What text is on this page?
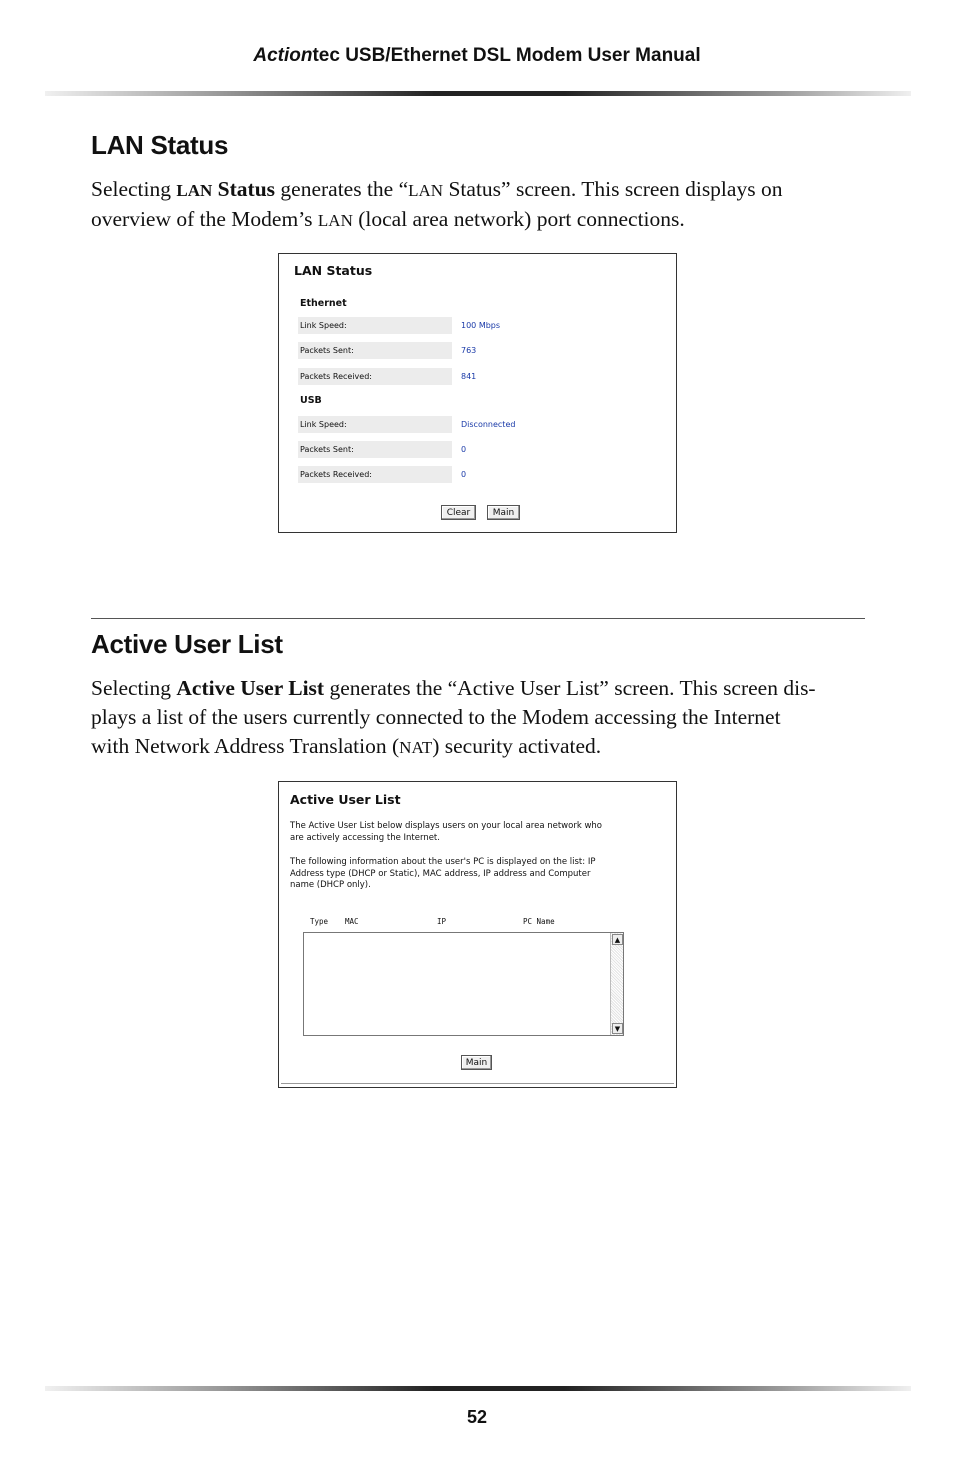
Actiontec USB/Ethernet DSL Modem User Manual
LAN Status

Selecting LAN Status generates the “LAN Status” screen. This screen displays on
overview of the Modem’s LAN (local area network) port connections.

LAN Status
Ethernet
Link Speed:	100 Mbps
Packets Sent:	763
Packets Received:	841
USB
Link Speed:	Disconnected
Packets Sent:	0
Packets Received:	0
Clear	Main
Active User List

Selecting Active User List generates the “Active User List” screen. This screen dis-
plays a list of the users currently connected to the Modem accessing the Internet
with Network Address Translation (NAT) security activated.

Active User List
The Active User List below displays users on your local area network who
are actively accessing the Internet.
The following information about the user's PC is displayed on the list: IP
Address type (DHCP or Static), MAC address, IP address and Computer
name (DHCP only).
Type MAC	IP	PC Name
▲
▼
Main
52
